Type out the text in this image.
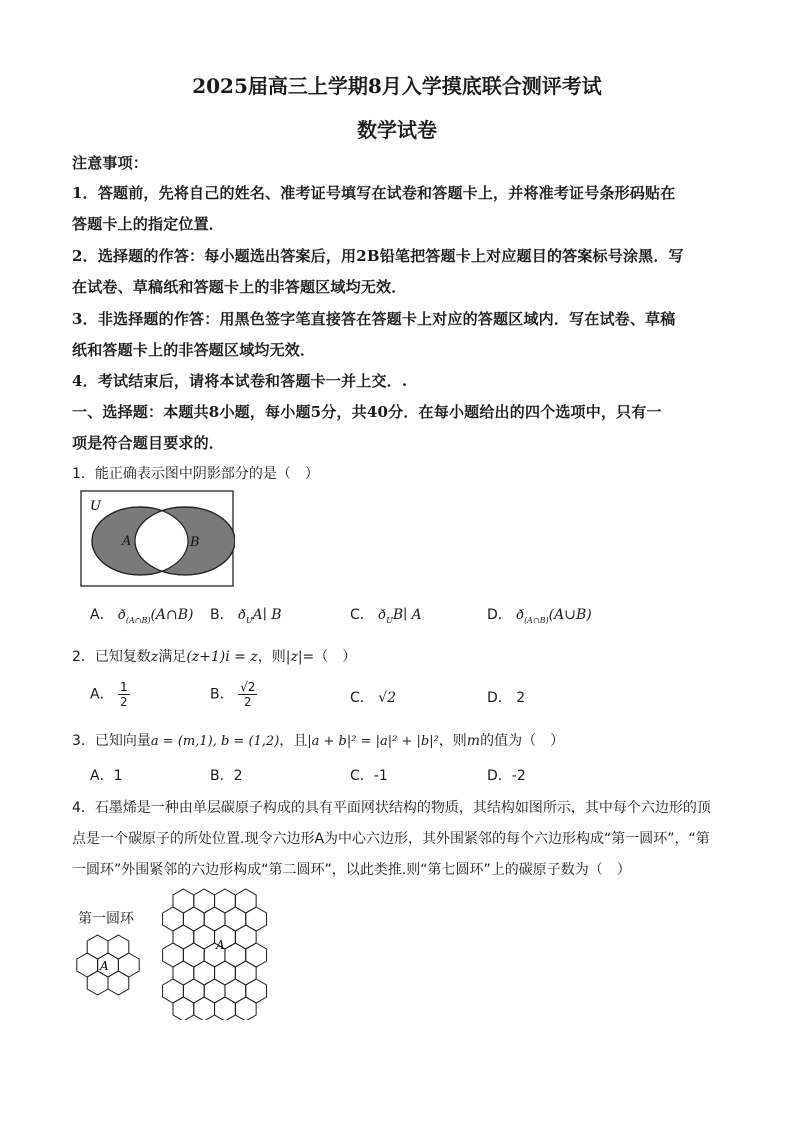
2025届高三上学期8月入学摸底联合测评考试
数学试卷
注意事项：
1．答题前，先将自己的姓名、准考证号填写在试卷和答题卡上，并将准考证号条形码贴在
答题卡上的指定位置．
2．选择题的作答：每小题选出答案后，用2B铅笔把答题卡上对应题目的答案标号涂黑．写
在试卷、草稿纸和答题卡上的非答题区域均无效．
3．非选择题的作答：用黑色签字笔直接答在答题卡上对应的答题区域内．写在试卷、草稿
纸和答题卡上的非答题区域均无效．
4．考试结束后，请将本试卷和答题卡一并上交．.
一、选择题：本题共8小题，每小题5分，共40分．在每小题给出的四个选项中，只有一
项是符合题目要求的．
1．能正确表示图中阴影部分的是（　）
U
A	B
A． $ð_{(A\cap B)}(A\cap B)$ B． $ð_UA∣$ B	C． $ð_UB∣$ A	D． $ð_{(A\cap B)}(A\cup B)$
2．已知复数z满足(z+1)i = z，则|z|=（　）
A． $\frac{1}{2}$	B． $\frac{√2}{2}$	C． √2	D． 2
3．已知向量a = (m,1), b = (1,2)，且|a + b|² = |a|² + |b|²，则m的值为（　）
A．1	B．2	C．-1	D．-2
4．石墨烯是一种由单层碳原子构成的具有平面网状结构的物质，其结构如图所示，其中每个六边形的顶
点是一个碳原子的所处位置.现令六边形A为中心六边形，其外围紧邻的每个六边形构成“第一圆环”，“第
一圆环”外围紧邻的六边形构成“第二圆环”，以此类推.则“第七圆环”上的碳原子数为（　）
第一圆环
A
A
